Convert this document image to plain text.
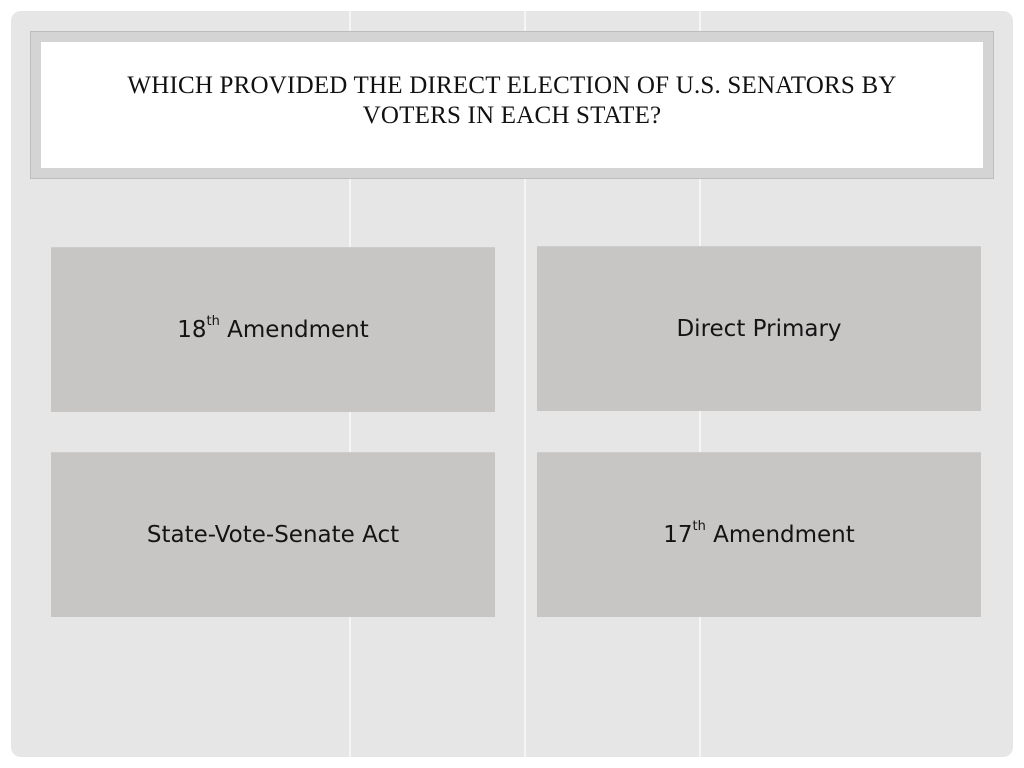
WHICH PROVIDED THE DIRECT ELECTION OF U.S. SENATORS BY VOTERS IN EACH STATE?
18th Amendment	Direct Primary
State-Vote-Senate Act	17th Amendment
